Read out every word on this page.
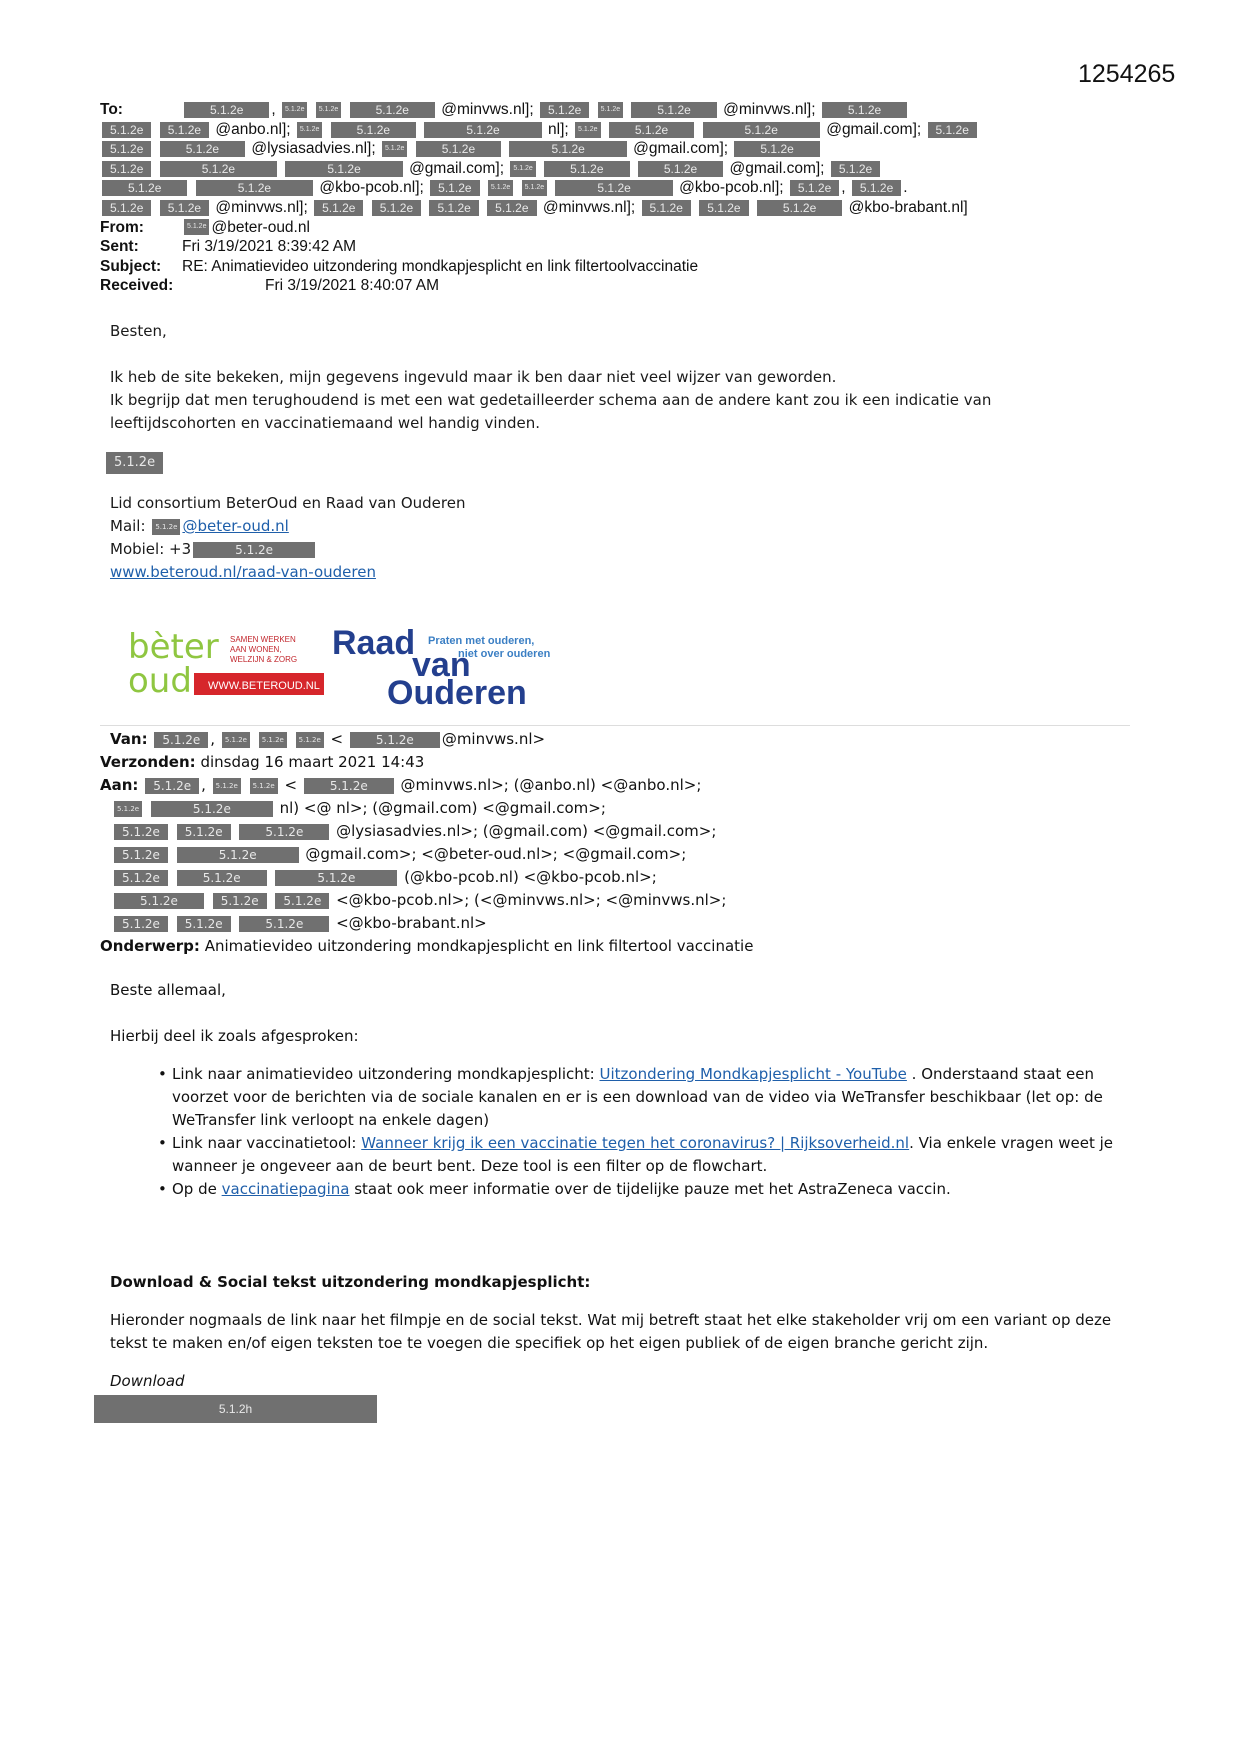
1254265
To:	5.1.2e , 5.1.2e 5.1.2e	5.1.2e @minvws.nl]; 5.1.2e	5.1.2e	5.1.2e @minvws.nl];	5.1.2e
5.1.2e 5.1.2e @anbo.nl]; 5.1.2e	5.1.2e	5.1.2e	nl]; 5.1.2e	5.1.2e	5.1.2e	@gmail.com]; 5.1.2e
5.1.2e	5.1.2e @lysiasadvies.nl]; 5.1.2e	5.1.2e	5.1.2e	@gmail.com];	5.1.2e
5.1.2e	5.1.2e	5.1.2e	@gmail.com]; 5.1.2e	5.1.2e	5.1.2e @gmail.com]; 5.1.2e
5.1.2e	5.1.2e	@kbo-pcob.nl]; 5.1.2e	5.1.2e 5.1.2e	5.1.2e	@kbo-pcob.nl]; 5.1.2e , 5.1.2e .
5.1.2e 5.1.2e @minvws.nl]; 5.1.2e 5.1.2e 5.1.2e 5.1.2e @minvws.nl]; 5.1.2e 5.1.2e	5.1.2e @kbo-brabant.nl]
From:	5.1.2e @beter-oud.nl
Sent:	Fri 3/19/2021 8:39:42 AM
Subject:	RE: Animatievideo uitzondering mondkapjesplicht en link filtertoolvaccinatie
Received:	Fri 3/19/2021 8:40:07 AM

Besten,

Ik heb de site bekeken, mijn gegevens ingevuld maar ik ben daar niet veel wijzer van geworden.

Ik begrijp dat men terughoudend is met een wat gedetailleerder schema aan de andere kant zou ik een indicatie van

leeftijdscohorten en vaccinatiemaand wel handig vinden.

5.1.2e

Lid consortium BeterOud en Raad van Ouderen

Mail: 5.1.2e @beter-oud.nl

Mobiel: +3	5.1.2e

www.beteroud.nl/raad-van-ouderen

bèter
oud
SAMEN WERKEN
AAN WONEN,
WELZIJN & ZORG
WWW.BETEROUD.NL
Raad
van
Ouderen
Praten met ouderen,
niet over ouderen
Van: 5.1.2e , 5.1.2e 5.1.2e 5.1.2e < 5.1.2e @minvws.nl>
Verzonden: dinsdag 16 maart 2021 14:43
Aan: 5.1.2e , 5.1.2e 5.1.2e < 5.1.2e @minvws.nl>; (@anbo.nl) <@anbo.nl>;
5.1.2e	5.1.2e	nl) <@ nl>; (@gmail.com) <@gmail.com>;
5.1.2e 5.1.2e	5.1.2e @lysiasadvies.nl>; (@gmail.com) <@gmail.com>;
5.1.2e	5.1.2e	@gmail.com>; <@beter-oud.nl>; <@gmail.com>;
5.1.2e	5.1.2e	5.1.2e	(@kbo-pcob.nl) <@kbo-pcob.nl>;
5.1.2e	5.1.2e 5.1.2e <@kbo-pcob.nl>; (<@minvws.nl>; <@minvws.nl>;
5.1.2e 5.1.2e	5.1.2e <@kbo-brabant.nl>
Onderwerp: Animatievideo uitzondering mondkapjesplicht en link filtertool vaccinatie

Beste allemaal,

Hierbij deel ik zoals afgesproken:

• Link naar animatievideo uitzondering mondkapjesplicht: Uitzondering Mondkapjesplicht - YouTube . Onderstaand staat een voorzet voor de berichten via de sociale kanalen en er is een download van de video via WeTransfer beschikbaar (let op: de WeTransfer link verloopt na enkele dagen)
• Link naar vaccinatietool: Wanneer krijg ik een vaccinatie tegen het coronavirus? | Rijksoverheid.nl. Via enkele vragen weet je wanneer je ongeveer aan de beurt bent. Deze tool is een filter op de flowchart.
• Op de vaccinatiepagina staat ook meer informatie over de tijdelijke pauze met het AstraZeneca vaccin.

Download & Social tekst uitzondering mondkapjesplicht:

Hieronder nogmaals de link naar het filmpje en de social tekst. Wat mij betreft staat het elke stakeholder vrij om een variant op deze tekst te maken en/of eigen teksten toe te voegen die specifiek op het eigen publiek of de eigen branche gericht zijn.

Download

5.1.2h
